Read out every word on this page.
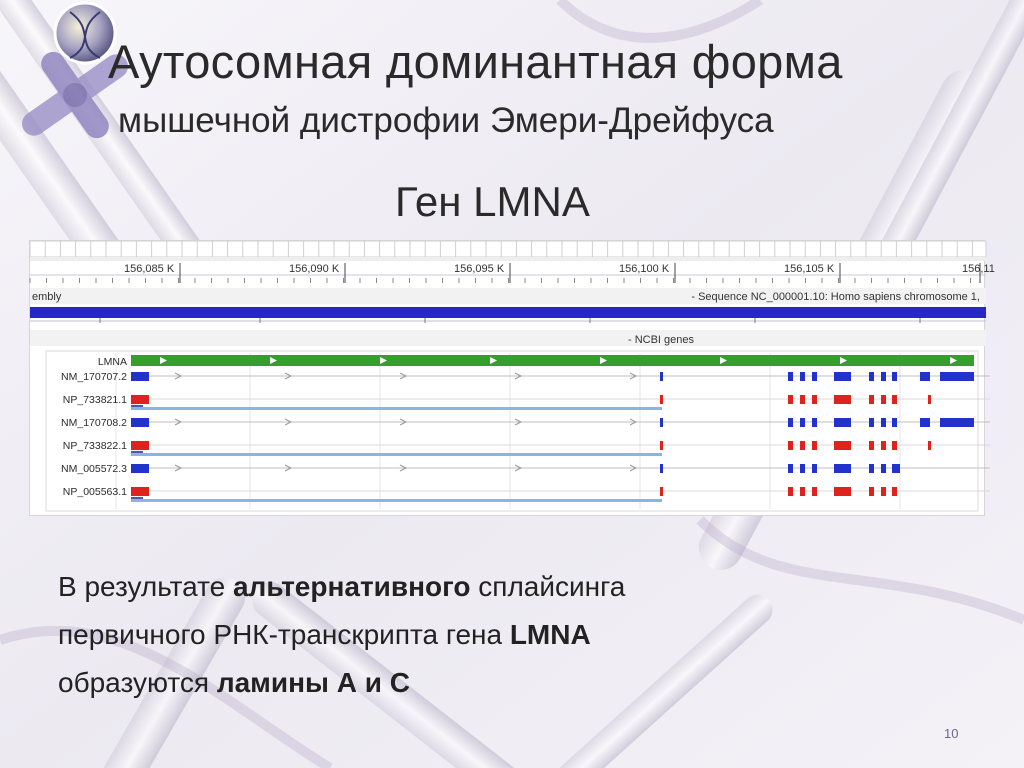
Аутосомная доминантная форма
мышечной дистрофии Эмери-Дрейфуса
Ген LMNA
156,085 K	156,090 K	156,095 K	156,100 K	156,105 K	156,11
embly	- Sequence NC_000001.10: Homo sapiens chromosome 1,
- NCBI genes
LMNA
NM_170707.2
NP_733821.1
NM_170708.2
NP_733822.1
NM_005572.3
NP_005563.1
В результате альтернативного сплайсинга
первичного РНК-транскрипта гена LMNA
образуются ламины А и С
10
